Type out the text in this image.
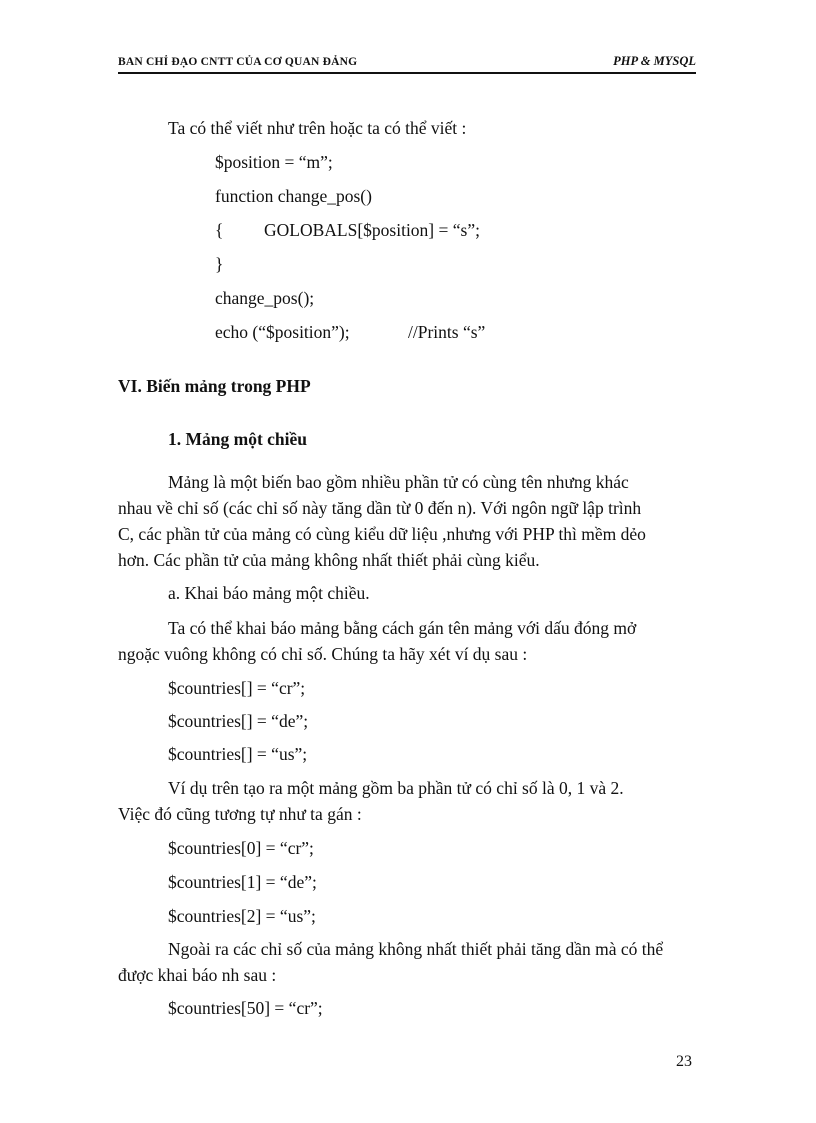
BAN CHỈ ĐẠO CNTT CỦA CƠ QUAN ĐẢNG	PHP & MYSQL
Ta có thể viết như trên hoặc ta có thể viết :
$position = “m”;
function change_pos()
{ GOLOBALS[$position] = “s”;
}
change_pos();
echo (“$position”);	//Prints “s”
VI. Biến mảng trong PHP
1. Mảng một chiều
Mảng là một biến bao gồm nhiều phần tử có cùng tên nhưng khác
nhau về chỉ số (các chỉ số này tăng dần từ 0 đến n). Với ngôn ngữ lập trình
C, các phần tử của mảng có cùng kiểu dữ liệu ,nhưng với PHP thì mềm dẻo
hơn. Các phần tử của mảng không nhất thiết phải cùng kiểu.
a. Khai báo mảng một chiều.
Ta có thể khai báo mảng bằng cách gán tên mảng với dấu đóng mở
ngoặc vuông không có chỉ số. Chúng ta hãy xét ví dụ sau :
$countries[] = “cr”;
$countries[] = “de”;
$countries[] = “us”;
Ví dụ trên tạo ra một mảng gồm ba phần tử có chỉ số là 0, 1 và 2.
Việc đó cũng tương tự như ta gán :
$countries[0] = “cr”;
$countries[1] = “de”;
$countries[2] = “us”;
Ngoài ra các chỉ số của mảng không nhất thiết phải tăng dần mà có thể
được khai báo nh sau :
$countries[50] = “cr”;
23
